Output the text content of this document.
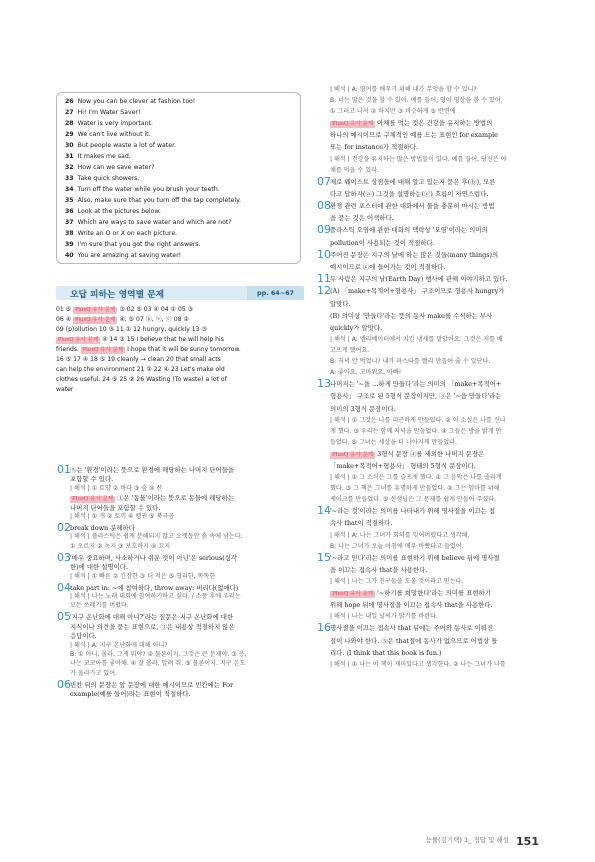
26 Now you can be clever at fashion too!
27 Hi! I'm Water Saver!
28 Water is very important.
29 We can't live without it.
30 But people waste a lot of water.
31 It makes me sad.
32 How can we save water?
33 Take quick showers.
34 Turn off the water while you brush your teeth.
35 Also, make sure that you turn off the tap completely.
36 Look at the pictures below.
37 Which are ways to save water and which are not?
38 Write an O or X on each picture.
39 I'm sure that you got the right answers.
40 You are amazing at saving water!
오답 피하는 영역별 문제	pp. 64~67
01 ⑤ PlusQ 유사 문제 ③ 02 ⑤ 03 ④ 04 ① 05 ③
06 ④ PlusQ 유사 문제 ④, ⑤ 07 ⓑ, ⓔ, ⓒ 08 ②
09 (p)ollution 10 ③ 11 ① 12 hungry, quickly 13 ③
PlusQ 유사 문제 ④ 14 ③ 15 I believe that he will help his
friends. PlusQ 유사 문제 I hope that it will be sunny tomorrow.
16 ⑤ 17 ④ 18 ⑤ 19 cleanly → clean 20 that small acts
can help the environment 21 ② 22 ④ 23 Let's make old
clothes useful. 24 ⑤ 25 ② 26 Wasting (To waste) a lot of
water
01 ⑤는 '환경'이라는 뜻으로 환경에 해당하는 나머지 단어들을
포함할 수 있다.
| 해석 | ① 토양 ② 바다 ③ 숲 ④ 산
PlusQ 유사 문제 ①은 '동물'이라는 뜻으로 동물에 해당하는
나머지 단어들을 포함할 수 있다.
| 해석 | ① 개 ② 토끼 ④ 펭귄 ⑤ 북극곰
02 break down 분해하다
| 해석 | 플라스틱은 쉽게 분해되지 않고 오랫동안 흙 속에 남는다.
① 오르지 ② 녹지 ③ 보호하지 ④ 끄지
03 '매우 중요하며, 사소하거나 쉬운 것이 아닌'은 serious(심각
한)에 대한 설명이다.
| 해석 | ① 빠른 ② 긴장한 ③ 더 적은 ⑤ 영리한, 똑똑한
04 take part in: ~에 참여하다, throw away: 버리다(없애다)
| 해석 | 나는 노래 대회에 참여하기하고 싶다. / 소풍 후에 우리는
모든 쓰레기를 버렸다.
05 '지구 온난화에 대해 아니?'라는 질문은 지구 온난화에 대한
지식이나 의견을 묻는 표현으로, ③은 내용상 적절하지 않은
응답이다.
| 해석 | A: 지구 온난화에 대해 아니?
B: ① 아니, 몰라. 그게 뭐야? ② 물론이지. 그것은 큰 문제야. ③ 응,
나는 코코아를 좋아해. ④ 잘 몰라. 알려 줘. ⑤ 물론이지. 지구 온도
가 올라가고 있어.
06 빈칸 뒤의 문장은 앞 문장에 대한 예시이므로 빈칸에는 For
example(예를 들어)라는 표현이 적절하다.
| 해석 | A: 영어를 배우기 위해 내가 무엇을 할 수 있니?
B: 너는 많은 것을 할 수 있어. 예를 들어, 영어 영상을 볼 수 있어.
① 그러고 나서 ② 하지만 ③ 비슷하게 ⑤ 반면에
PlusQ 유사 문제 아채를 먹는 것은 건강을 유지하는 방법의
하나의 예시이므로 구체적인 예를 드는 표현인 for example
또는 for instance가 적절하다.
| 해석 | 건강을 유지하는 많은 방법들이 있다. 예를 들어, 당신은 야
채를 먹을 수 있다.
07 제로 웨이스트 상점들에 대해 알고 있는지 묻은 후(ⓑ), 모른
다고 답하자(ⓐ) 그것을 설명하는(ⓒ) 흐름이 자연스럽다.
08 환경 관련 포스터에 관한 대화에서 물을 충분히 마시는 방법
을 묻는 것은 어색하다.
09 플라스틱 오염에 관한 대화의 맥락상 '오염'이라는 의미의
pollution이 사용되는 것이 적절하다.
10 주어진 문장은 지구의 날에 하는 많은 것들(many things)의
예시이므로 ⓒ에 들어가는 것이 적절하다.
11 두 사람은 지구의 날(Earth Day) 행사에 관해 이야기하고 있다.
12 (A) 「make+목적어+형용사」 구조이므로 형용사 hungry가
알맞다.
(B) 의미상 '만들다'라는 뜻의 동사 make를 수식하는 부사
quickly가 알맞다.
| 해석 | A: 엘리베이터에서 치킨 냄새를 맡았어요. 그것은 저를 배
고프게 했어요.
B: 저녁 안 먹었니? 내가 파스타를 빨리 만들어 줄 수 있단다.
A: 좋아요, 고마워요, 아빠!
13 나머지는 '~을 …하게 만들다'라는 의미의 「make+목적어+
형용사」 구조로 된 5형식 문장이지만, ③은 '~을 만들다'라는
의미의 3형식 문장이다.
| 해석 | ① 그것은 나를 피곤하게 만들었다. ② 이 소설은 나를 신나
게 했다. ③ 우리는 함께 저녁을 만들었다. ④ 그들은 방을 밝게 만
들었다. ⑤ 그녀는 세상을 더 나아지게 만들었다.
PlusQ 유사 문제 3형식 문장 ④를 제외한 나머지 문장은
「make+목적어+형용사」 형태의 5형식 문장이다.
| 해석 | ① 그 소식은 그를 슬프게 했다. ② 그 음악은 나를 졸리게
했다. ③ 그 책은 그녀를 유명하게 만들었다. ④ 그는 엄마를 위해
케이크를 만들었다. ⑤ 선생님은 그 문제를 쉽게 만들어 주셨다.
14 '~라는 것'이라는 의미를 나타내기 위해 명사절을 이끄는 접
속사 that이 적절하다.
| 해석 | A: 나는 그녀가 회의를 잊어버렸다고 생각해.
B: 나는 그녀가 오늘 아침에 매우 바빴다고 들었어.
15 '~라고 믿다'라는 의미를 표현하기 위해 believe 뒤에 명사절
을 이끄는 접속사 that을 사용한다.
| 해석 | 나는 그가 친구들을 도울 것이라고 믿는다.
PlusQ 유사 문제 '~하기를 희망한다'라는 의미를 표현하기
위해 hope 뒤에 명사절을 이끄는 접속사 that을 사용한다.
| 해석 | 나는 내일 날씨가 맑기를 바란다.
16 명사절을 이끄는 접속사 that 뒤에는 주어와 동사로 이뤄진
절이 나와야 한다. ⑤은 that절에 동사가 없으므로 어법상 틀
리다. (I think that this book is fun.)
| 해석 | ① 나는 이 책이 재미있다고 생각한다. ② 나는 그녀가 나를
능률(김기택) 1_ 정답 및 해설 151
